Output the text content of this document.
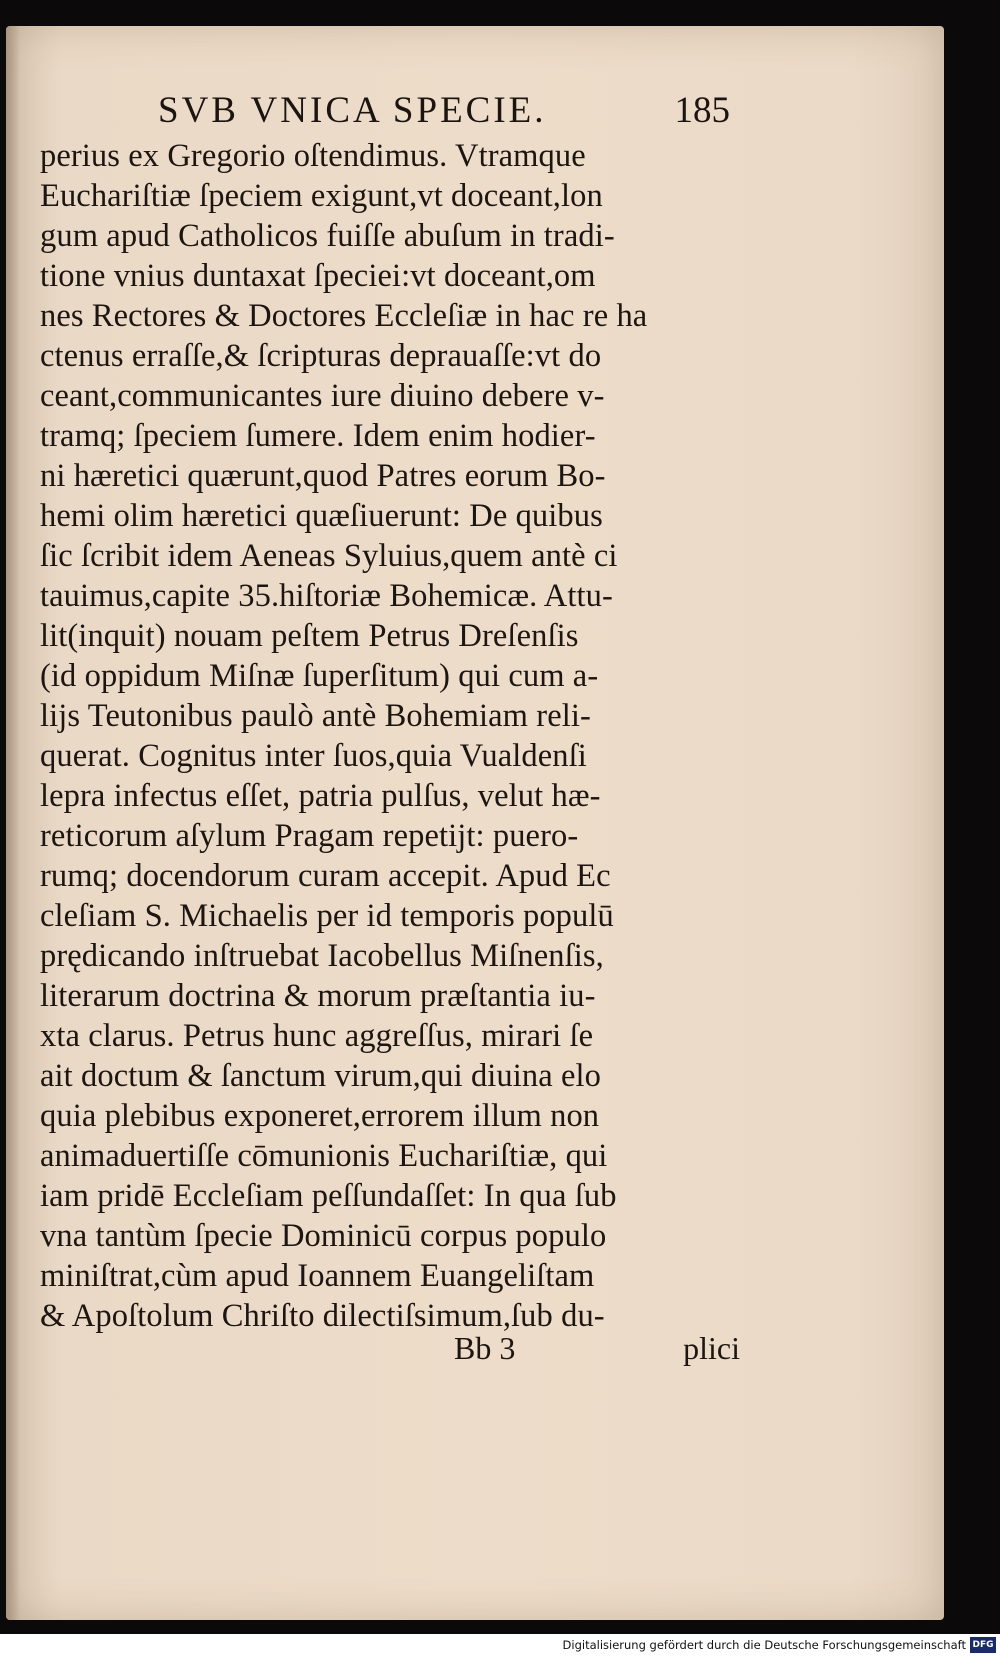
SVB VNICA SPECIE.	185
perius ex Gregorio oſtendimus. Vtramque
Euchariſtiæ ſpeciem exigunt,vt doceant,lon
gum apud Catholicos fuiſſe abuſum in tradi-
tione vnius duntaxat ſpeciei:vt doceant,om
nes Rectores & Doctores Eccleſiæ in hac re ha
ctenus erraſſe,& ſcripturas deprauaſſe:vt do
ceant,communicantes iure diuino debere v-
tramq; ſpeciem ſumere. Idem enim hodier-
ni hæretici quærunt,quod Patres eorum Bo-
hemi olim hæretici quæſiuerunt: De quibus
ſic ſcribit idem Aeneas Syluius,quem antè ci
tauimus,capite 35.hiſtoriæ Bohemicæ. Attu-
lit(inquit) nouam peſtem Petrus Dreſenſis
(id oppidum Miſnæ ſuperſitum) qui cum a-
lijs Teutonibus paulò antè Bohemiam reli-
querat. Cognitus inter ſuos,quia Vualdenſi
lepra infectus eſſet, patria pulſus, velut hæ-
reticorum aſylum Pragam repetijt: puero-
rumq; docendorum curam accepit. Apud Ec
cleſiam S. Michaelis per id temporis populū
prędicando inſtruebat Iacobellus Miſnenſis,
literarum doctrina & morum præſtantia iu-
xta clarus. Petrus hunc aggreſſus, mirari ſe
ait doctum & ſanctum virum,qui diuina elo
quia plebibus exponeret,errorem illum non
animaduertiſſe cōmunionis Euchariſtiæ, qui
iam pridē Eccleſiam peſſundaſſet: In qua ſub
vna tantùm ſpecie Dominicū corpus populo
miniſtrat,cùm apud Ioannem Euangeliſtam
& Apoſtolum Chriſto dilectiſsimum,ſub du-
Bb 3	plici
Digitalisierung gefördert durch die Deutsche Forschungsgemeinschaft DFG
